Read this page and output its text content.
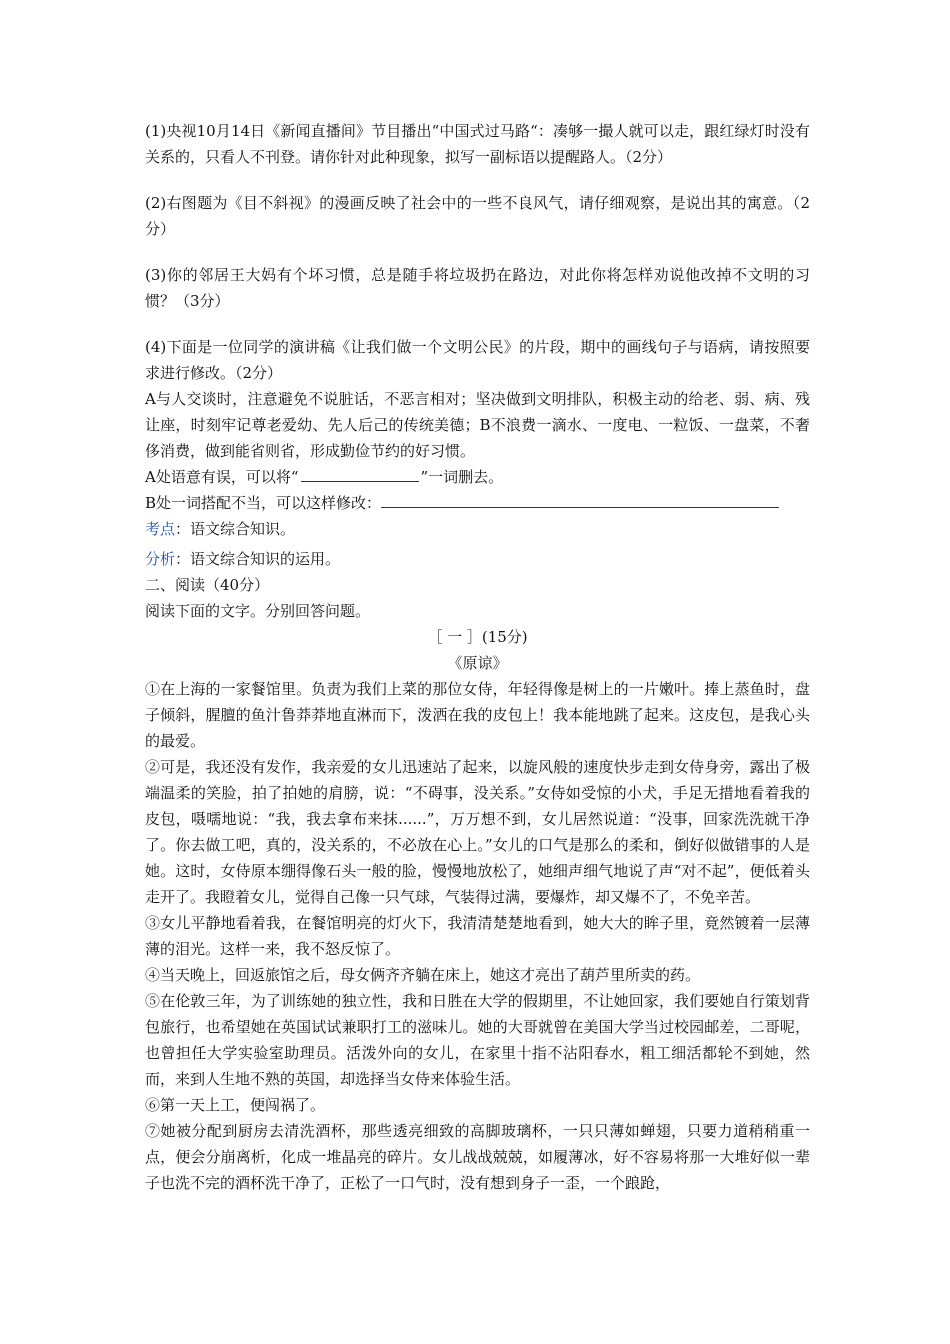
(1)央视10月14日《新闻直播间》节目播出“中国式过马路“：凑够一撮人就可以走，跟红绿灯时没有关系的，只看人不刊登。请你针对此种现象，拟写一副标语以提醒路人。（2分）

(2)右图题为《目不斜视》的漫画反映了社会中的一些不良风气，请仔细观察，是说出其的寓意。（2分）

(3)你的邻居王大妈有个坏习惯，总是随手将垃圾扔在路边，对此你将怎样劝说他改掉不文明的习惯？（3分）

(4)下面是一位同学的演讲稿《让我们做一个文明公民》的片段，期中的画线句子与语病，请按照要求进行修改。（2分）

A与人交谈时，注意避免不说脏话，不恶言相对；坚决做到文明排队，积极主动的给老、弱、病、残让座，时刻牢记尊老爱幼、先人后己的传统美德；B不浪费一滴水、一度电、一粒饭、一盘菜，不奢侈消费，做到能省则省，形成勤俭节约的好习惯。

A处语意有误，可以将“	”一词删去。

B处一词搭配不当，可以这样修改：

考点：语文综合知识。

分析：语文综合知识的运用。

二、阅读（40分）

阅读下面的文字。分别回答问题。

［ 一 ］(15分)

《原谅》

①在上海的一家餐馆里。负责为我们上菜的那位女侍，年轻得像是树上的一片嫩叶。捧上蒸鱼时，盘子倾斜，腥膻的鱼汁鲁莽莽地直淋而下，泼洒在我的皮包上！我本能地跳了起来。这皮包，是我心头的最爱。

②可是，我还没有发作，我亲爱的女儿迅速站了起来，以旋风般的速度快步走到女侍身旁，露出了极端温柔的笑脸，拍了拍她的肩膀，说：“不碍事，没关系。”女侍如受惊的小犬，手足无措地看着我的皮包，嗫嚅地说：“我，我去拿布来抹......”，万万想不到，女儿居然说道：“没事，回家洗洗就干净了。你去做工吧，真的，没关系的，不必放在心上。”女儿的口气是那么的柔和，倒好似做错事的人是她。这时，女侍原本绷得像石头一般的脸，慢慢地放松了，她细声细气地说了声“对不起”，便低着头走开了。我瞪着女儿，觉得自己像一只气球，气装得过满，要爆炸，却又爆不了，不免辛苦。

③女儿平静地看着我，在餐馆明亮的灯火下，我清清楚楚地看到，她大大的眸子里，竟然镀着一层薄薄的泪光。这样一来，我不怒反惊了。

④当天晚上，回返旅馆之后，母女俩齐齐躺在床上，她这才亮出了葫芦里所卖的药。

⑤在伦敦三年，为了训练她的独立性，我和日胜在大学的假期里，不让她回家，我们要她自行策划背包旅行，也希望她在英国试试兼职打工的滋味儿。她的大哥就曾在美国大学当过校园邮差，二哥呢，也曾担任大学实验室助理员。活泼外向的女儿，在家里十指不沾阳春水，粗工细活都轮不到她，然而，来到人生地不熟的英国，却选择当女侍来体验生活。

⑥第一天上工，便闯祸了。

⑦她被分配到厨房去清洗酒杯，那些透亮细致的高脚玻璃杯，一只只薄如蝉翅，只要力道稍稍重一点，便会分崩离析，化成一堆晶亮的碎片。女儿战战兢兢，如履薄冰，好不容易将那一大堆好似一辈子也洗不完的酒杯洗干净了，正松了一口气时，没有想到身子一歪，一个踉跄，
